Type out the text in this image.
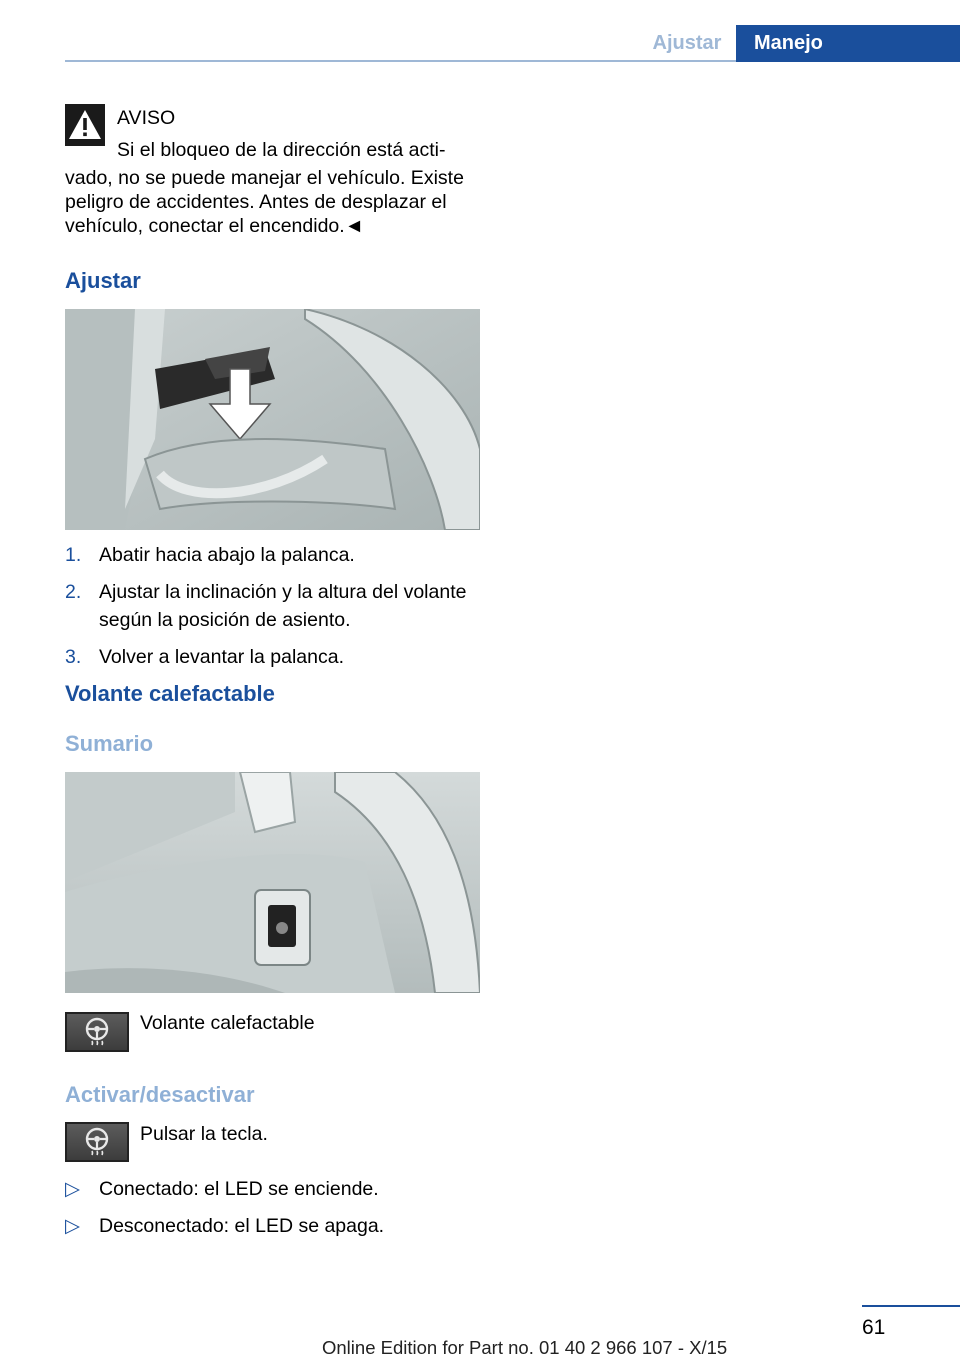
Ajustar	Manejo
AVISO
Si el bloqueo de la dirección está acti-
vado, no se puede manejar el vehículo. Existe
peligro de accidentes. Antes de desplazar el
vehículo, conectar el encendido.◄
Ajustar
1. Abatir hacia abajo la palanca.
2. Ajustar la inclinación y la altura del volante
según la posición de asiento.
3. Volver a levantar la palanca.
Volante calefactable
Sumario
Volante calefactable
Activar/desactivar
Pulsar la tecla.
▷ Conectado: el LED se enciende.
▷ Desconectado: el LED se apaga.
61
Online Edition for Part no. 01 40 2 966 107 - X/15
